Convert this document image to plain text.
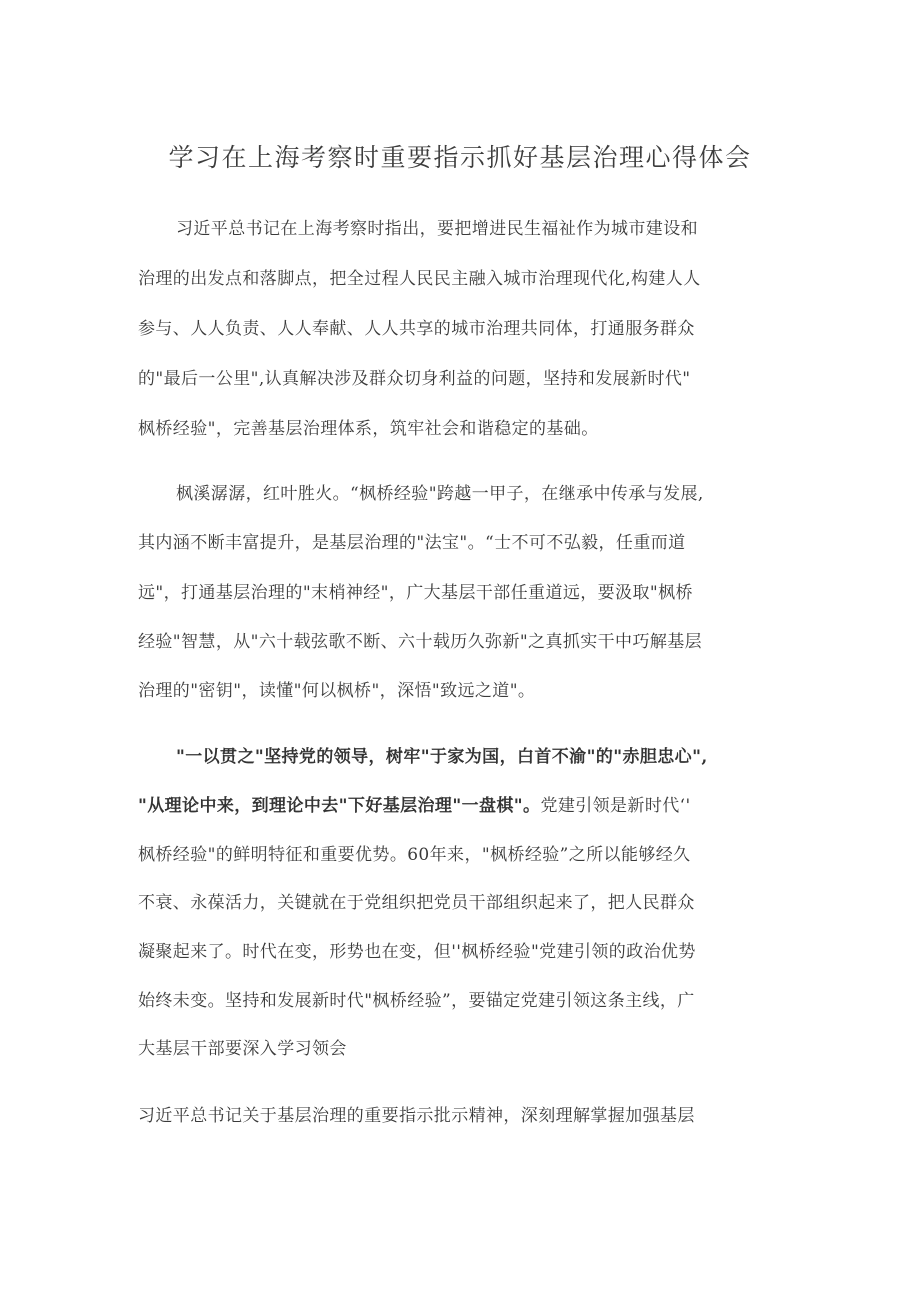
学习在上海考察时重要指示抓好基层治理心得体会

习近平总书记在上海考察时指出，要把增进民生福祉作为城市建设和

治理的出发点和落脚点，把全过程人民民主融入城市治理现代化,构建人人

参与、人人负责、人人奉献、人人共享的城市治理共同体，打通服务群众

的"最后一公里",认真解决涉及群众切身利益的问题，坚持和发展新时代"

枫桥经验"，完善基层治理体系，筑牢社会和谐稳定的基础。

枫溪潺潺，红叶胜火。“枫桥经验"跨越一甲子，在继承中传承与发展,

其内涵不断丰富提升，是基层治理的"法宝"。“士不可不弘毅，任重而道

远"，打通基层治理的"末梢神经"，广大基层干部任重道远，要汲取"枫桥

经验"智慧，从"六十载弦歌不断、六十载历久弥新"之真抓实干中巧解基层

治理的"密钥"，读懂"何以枫桥"，深悟"致远之道"。

"一以贯之"坚持党的领导，树牢"于家为国，白首不渝"的"赤胆忠心",

"从理论中来，到理论中去"下好基层治理"一盘棋"。党建引领是新时代‘'

枫桥经验"的鲜明特征和重要优势。60年来，"枫桥经验”之所以能够经久

不衰、永葆活力，关键就在于党组织把党员干部组织起来了，把人民群众

凝聚起来了。时代在变，形势也在变，但''枫桥经验"党建引领的政治优势

始终未变。坚持和发展新时代"枫桥经验”，要锚定党建引领这条主线，广

大基层干部要深入学习领会

习近平总书记关于基层治理的重要指示批示精神，深刻理解掌握加强基层
